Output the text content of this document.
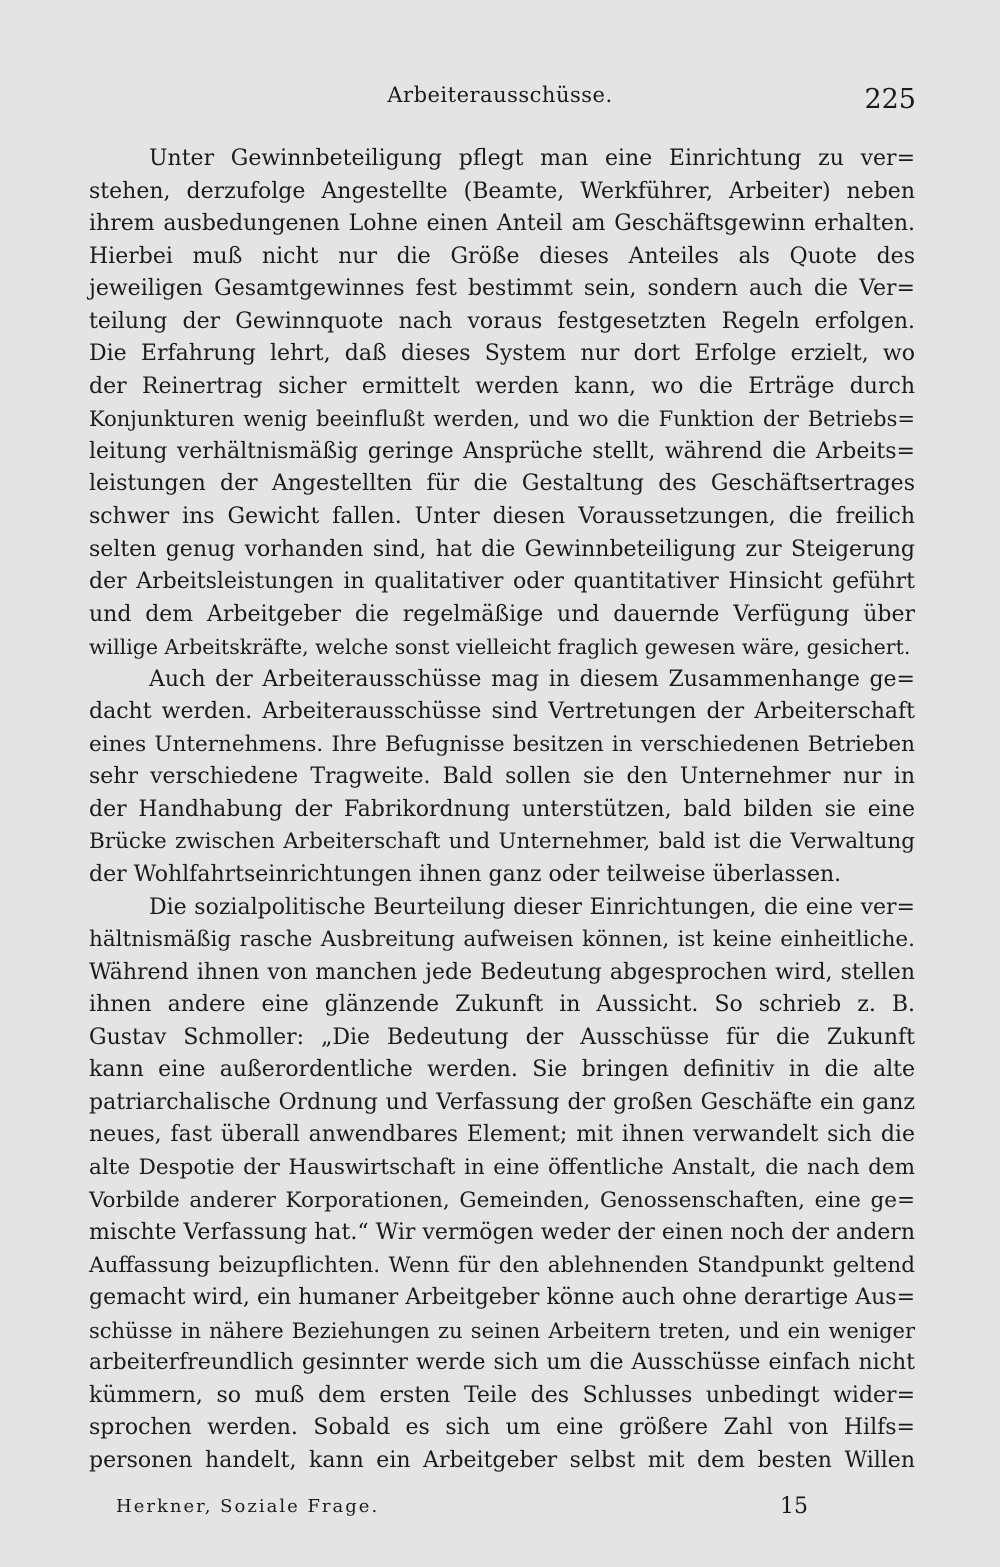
Arbeiterausschüsse.	225
Unter Gewinnbeteiligung pflegt man eine Einrichtung zu ver=
stehen, derzufolge Angestellte (Beamte, Werkführer, Arbeiter) neben
ihrem ausbedungenen Lohne einen Anteil am Geschäftsgewinn erhalten.
Hierbei muß nicht nur die Größe dieses Anteiles als Quote des
jeweiligen Gesamtgewinnes fest bestimmt sein, sondern auch die Ver=
teilung der Gewinnquote nach voraus festgesetzten Regeln erfolgen.
Die Erfahrung lehrt, daß dieses System nur dort Erfolge erzielt, wo
der Reinertrag sicher ermittelt werden kann, wo die Erträge durch
Konjunkturen wenig beeinflußt werden, und wo die Funktion der Betriebs=
leitung verhältnismäßig geringe Ansprüche stellt, während die Arbeits=
leistungen der Angestellten für die Gestaltung des Geschäftsertrages
schwer ins Gewicht fallen. Unter diesen Voraussetzungen, die freilich
selten genug vorhanden sind, hat die Gewinnbeteiligung zur Steigerung
der Arbeitsleistungen in qualitativer oder quantitativer Hinsicht geführt
und dem Arbeitgeber die regelmäßige und dauernde Verfügung über
willige Arbeitskräfte, welche sonst vielleicht fraglich gewesen wäre, gesichert.
Auch der Arbeiterausschüsse mag in diesem Zusammenhange ge=
dacht werden. Arbeiterausschüsse sind Vertretungen der Arbeiterschaft
eines Unternehmens. Ihre Befugnisse besitzen in verschiedenen Betrieben
sehr verschiedene Tragweite. Bald sollen sie den Unternehmer nur in
der Handhabung der Fabrikordnung unterstützen, bald bilden sie eine
Brücke zwischen Arbeiterschaft und Unternehmer, bald ist die Verwaltung
der Wohlfahrtseinrichtungen ihnen ganz oder teilweise überlassen.
Die sozialpolitische Beurteilung dieser Einrichtungen, die eine ver=
hältnismäßig rasche Ausbreitung aufweisen können, ist keine einheitliche.
Während ihnen von manchen jede Bedeutung abgesprochen wird, stellen
ihnen andere eine glänzende Zukunft in Aussicht. So schrieb z. B.
Gustav Schmoller: „Die Bedeutung der Ausschüsse für die Zukunft
kann eine außerordentliche werden. Sie bringen definitiv in die alte
patriarchalische Ordnung und Verfassung der großen Geschäfte ein ganz
neues, fast überall anwendbares Element; mit ihnen verwandelt sich die
alte Despotie der Hauswirtschaft in eine öffentliche Anstalt, die nach dem
Vorbilde anderer Korporationen, Gemeinden, Genossenschaften, eine ge=
mischte Verfassung hat.“ Wir vermögen weder der einen noch der andern
Auffassung beizupflichten. Wenn für den ablehnenden Standpunkt geltend
gemacht wird, ein humaner Arbeitgeber könne auch ohne derartige Aus=
schüsse in nähere Beziehungen zu seinen Arbeitern treten, und ein weniger
arbeiterfreundlich gesinnter werde sich um die Ausschüsse einfach nicht
kümmern, so muß dem ersten Teile des Schlusses unbedingt wider=
sprochen werden. Sobald es sich um eine größere Zahl von Hilfs=
personen handelt, kann ein Arbeitgeber selbst mit dem besten Willen
Herkner, Soziale Frage.	15
